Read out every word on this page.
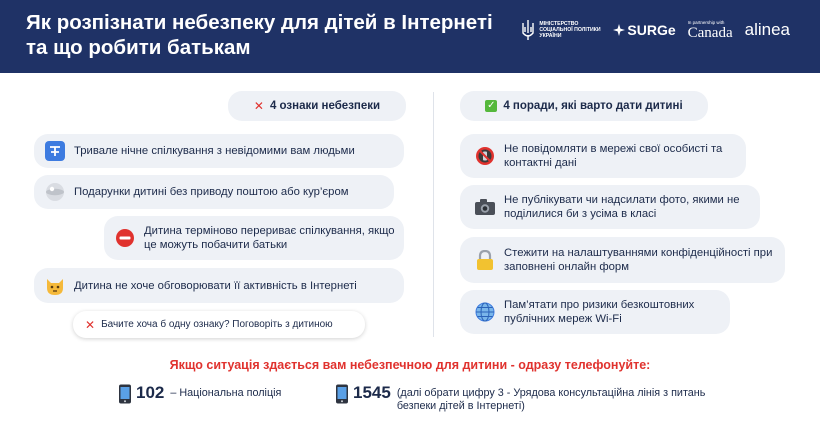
Як розпізнати небезпеку для дітей в Інтернеті та що робити батькам
МІНІСТЕРСТВО СОЦІАЛЬНОЇ ПОЛІТИКИ УКРАЇНИ	SURGe	In partnership with
Canada alinea
✕ 4 ознаки небезпеки
Тривале нічне спілкування з невідомими вам людьми
Подарунки дитині без приводу поштою або кур’єром
Дитина терміново перериває спілкування, якщо це можуть побачити батьки
Дитина не хоче обговорювати її активність в Інтернеті
✕ Бачите хоча б одну ознаку? Поговоріть з дитиною
✓ 4 поради, які варто дати дитині
Не повідомляти в мережі свої особисті та контактні дані
Не публікувати чи надсилати фото, якими не поділилися би з усіма в класі
Стежити на налаштуваннями конфіденційності при заповнені онлайн форм
Пам’ятати про ризики безкоштовних публічних мереж Wi-Fi
Якщо ситуація здається вам небезпечною для дитини - одразу телефонуйте:
102 – Національна поліція	1545 (далі обрати цифру 3 - Урядова консультаційна лінія з питань безпеки дітей в Інтернеті)
